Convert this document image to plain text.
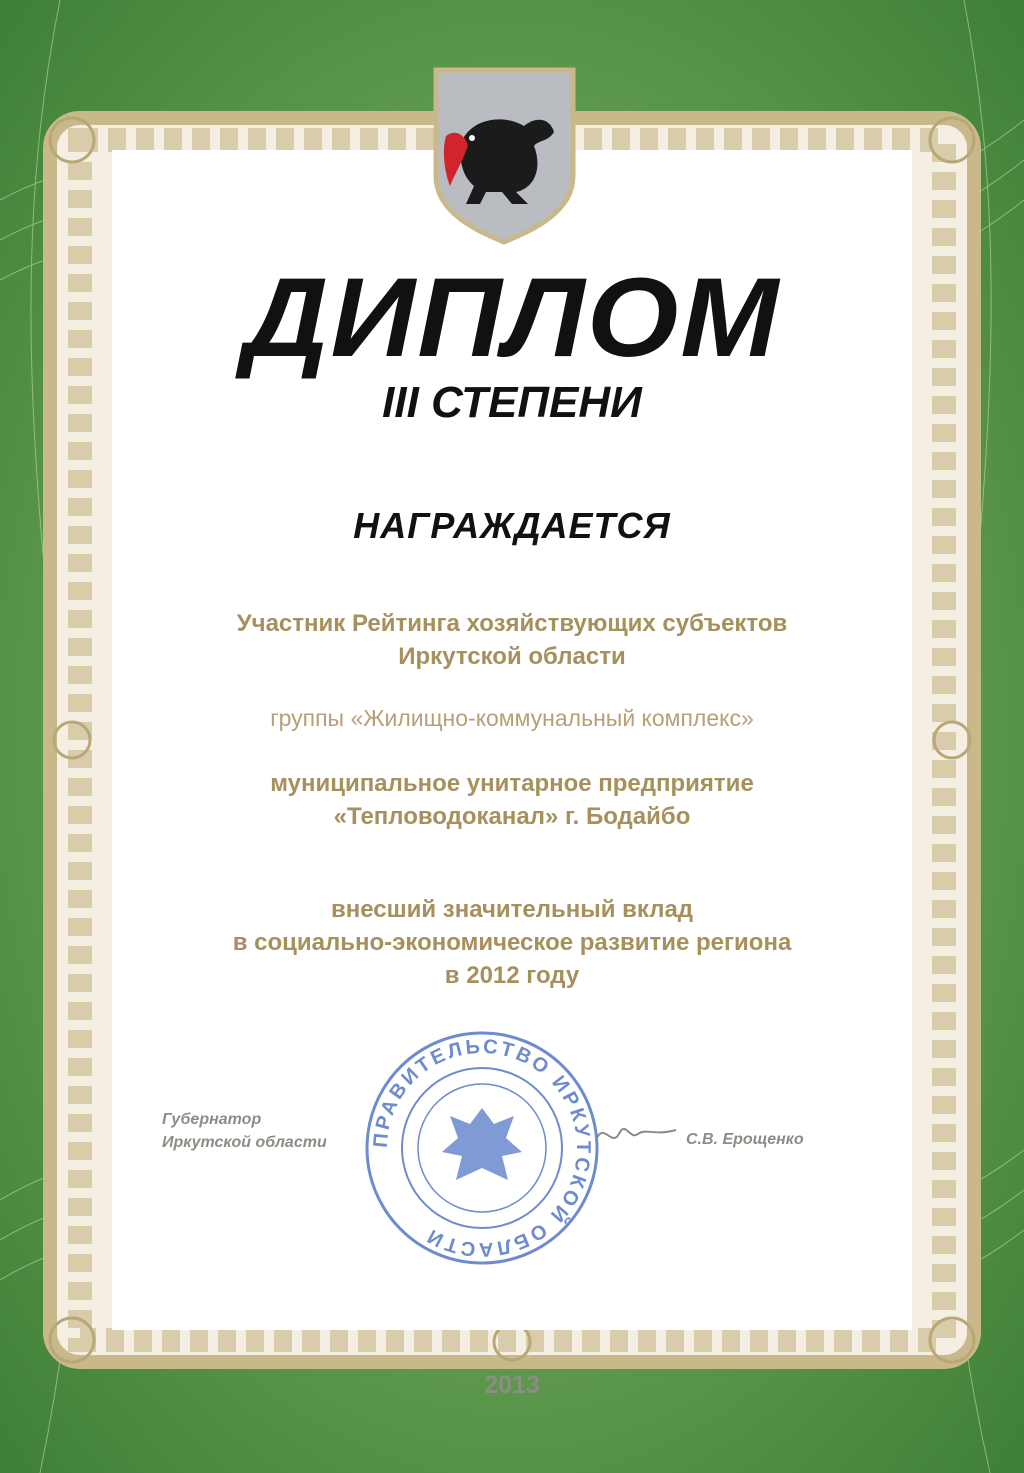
ДИПЛОМ
III СТЕПЕНИ
НАГРАЖДАЕТСЯ
Участник Рейтинга хозяйствующих субъектов
Иркутской области
группы «Жилищно-коммунальный комплекс»
муниципальное унитарное предприятие
«Тепловодоканал» г. Бодайбо
внесший значительный вклад
в социально-экономическое развитие региона
в 2012 году
Губернатор
Иркутской области ПРАВИТЕЛЬСТВО ИРКУТСКОЙ ОБЛАСТИ
С.В. Ерощенко
2013
